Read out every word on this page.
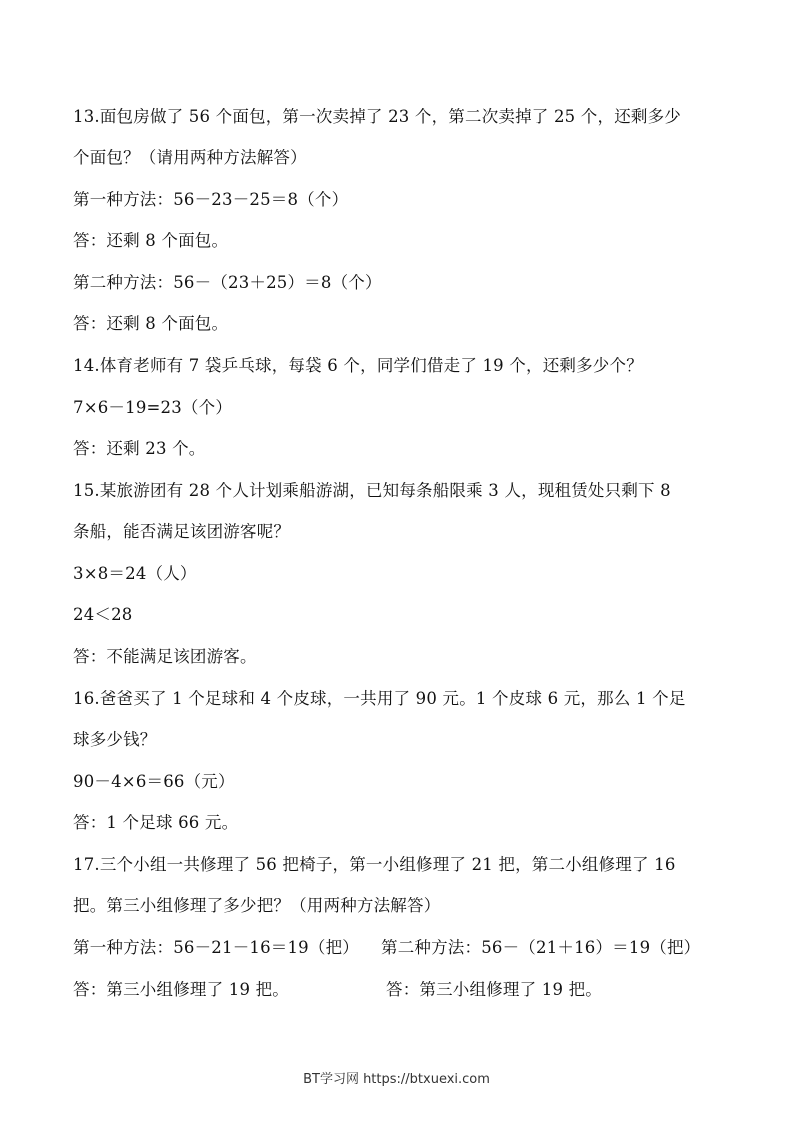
13.面包房做了 56 个面包，第一次卖掉了 23 个，第二次卖掉了 25 个，还剩多少
个面包？（请用两种方法解答）
第一种方法：56－23－25＝8（个）
答：还剩 8 个面包。
第二种方法：56－（23＋25）＝8（个）
答：还剩 8 个面包。
14.体育老师有 7 袋乒乓球，每袋 6 个，同学们借走了 19 个，还剩多少个？
7×6－19=23（个）
答：还剩 23 个。
15.某旅游团有 28 个人计划乘船游湖，已知每条船限乘 3 人，现租赁处只剩下 8
条船，能否满足该团游客呢？
3×8＝24（人）
24＜28
答：不能满足该团游客。
16.爸爸买了 1 个足球和 4 个皮球，一共用了 90 元。1 个皮球 6 元，那么 1 个足
球多少钱？
90－4×6＝66（元）
答：1 个足球 66 元。
17.三个小组一共修理了 56 把椅子，第一小组修理了 21 把，第二小组修理了 16
把。第三小组修理了多少把？（用两种方法解答）
第一种方法：56－21－16＝19（把） 第二种方法：56－（21＋16）＝19（把）
答：第三小组修理了 19 把。	答：第三小组修理了 19 把。
BT学习网 https://btxuexi.com
